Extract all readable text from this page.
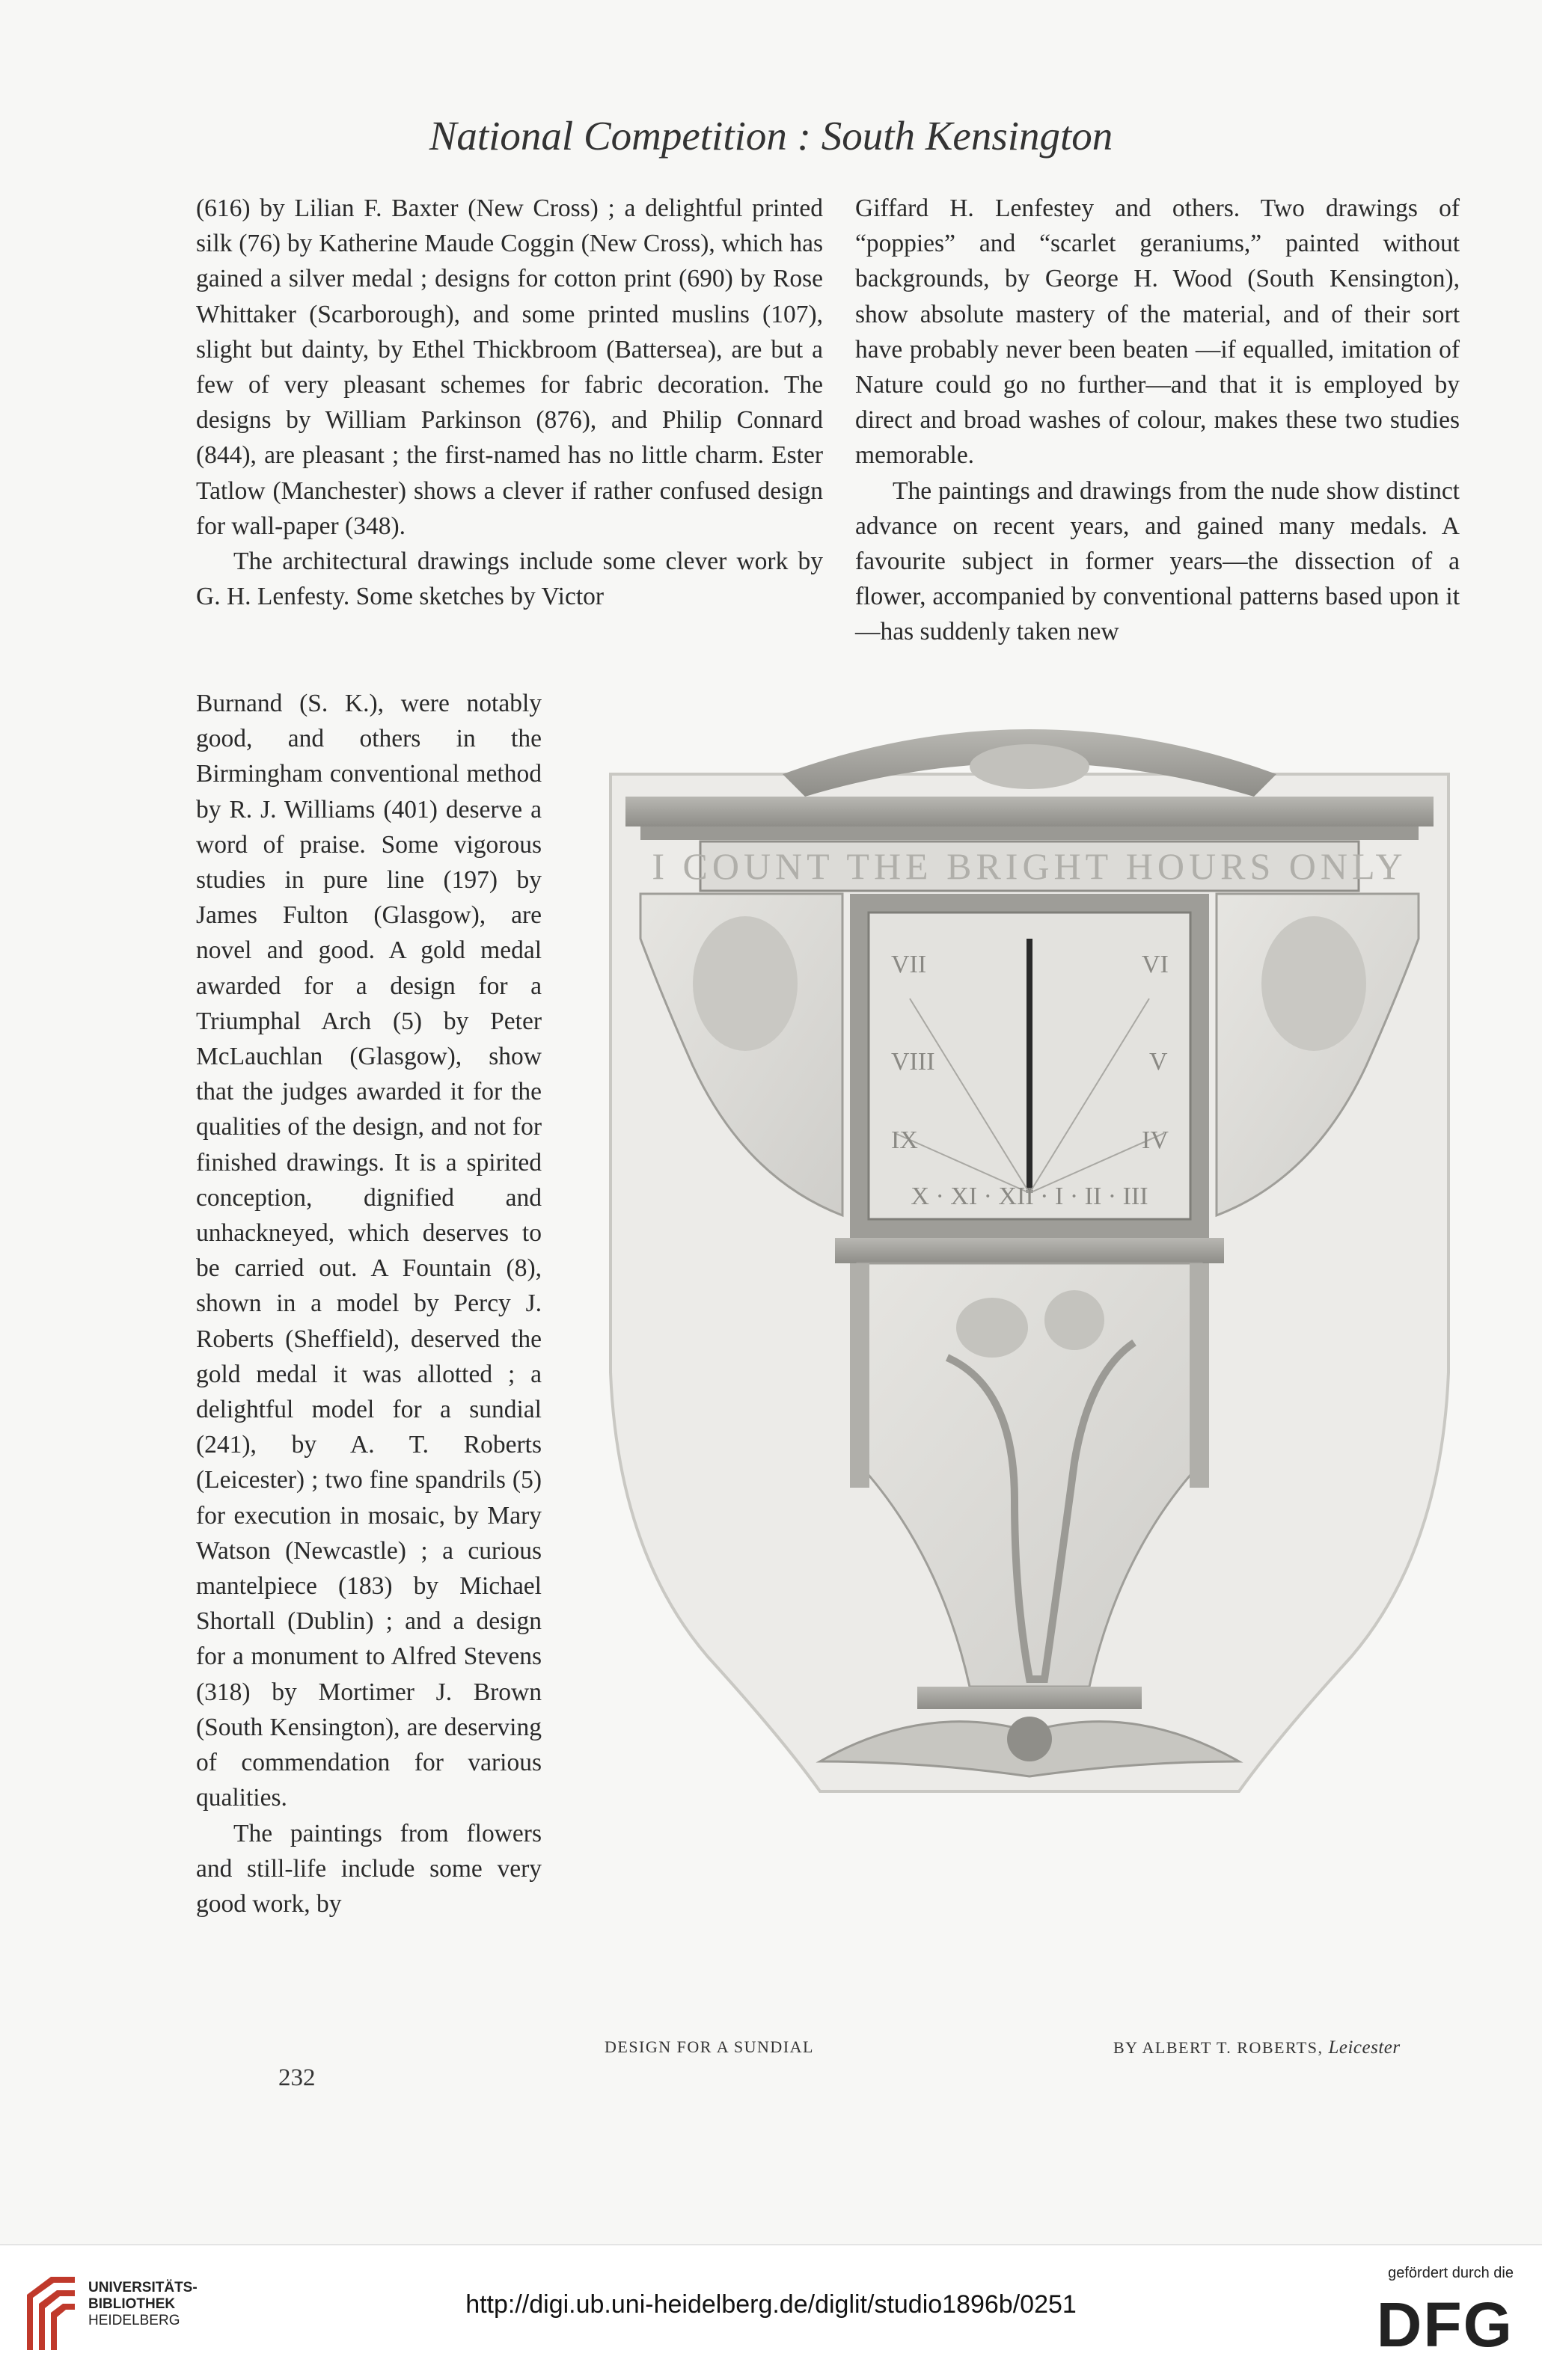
National Competition : South Kensington

(616) by Lilian F. Baxter (New Cross) ; a delightful printed silk (76) by Katherine Maude Coggin (New Cross), which has gained a silver medal ; designs for cotton print (690) by Rose Whittaker (Scarborough), and some printed muslins (107), slight but dainty, by Ethel Thickbroom (Battersea), are but a few of very pleasant schemes for fabric decoration. The designs by William Parkinson (876), and Philip Connard (844), are pleasant ; the first-named has no little charm. Ester Tatlow (Manchester) shows a clever if rather confused design for wall-paper (348).

The architectural drawings include some clever work by G. H. Lenfesty. Some sketches by Victor

Burnand (S. K.), were notably good, and others in the Birmingham conventional method by R. J. Williams (401) deserve a word of praise. Some vigorous studies in pure line (197) by James Fulton (Glasgow), are novel and good. A gold medal awarded for a design for a Triumphal Arch (5) by Peter McLauchlan (Glasgow), show that the judges awarded it for the qualities of the design, and not for finished drawings. It is a spirited conception, dignified and unhackneyed, which deserves to be carried out. A Fountain (8), shown in a model by Percy J. Roberts (Sheffield), deserved the gold medal it was allotted ; a delightful model for a sundial (241), by A. T. Roberts (Leicester) ; two fine spandrils (5) for execution in mosaic, by Mary Watson (Newcastle) ; a curious mantelpiece (183) by Michael Shortall (Dublin) ; and a design for a monument to Alfred Stevens (318) by Mortimer J. Brown (South Kensington), are deserving of commendation for various qualities.

The paintings from flowers and still-life include some very good work, by

Giffard H. Lenfestey and others. Two drawings of “poppies” and “scarlet geraniums,” painted without backgrounds, by George H. Wood (South Kensington), show absolute mastery of the material, and of their sort have probably never been beaten —if equalled, imitation of Nature could go no further—and that it is employed by direct and broad washes of colour, makes these two studies memorable.

The paintings and drawings from the nude show distinct advance on recent years, and gained many medals. A favourite subject in former years—the dissection of a flower, accompanied by conventional patterns based upon it—has suddenly taken new

I COUNT THE BRIGHT HOURS ONLY
VII
VIII
IX
VI
V
IV
X · XI · XII · I · II · III
DESIGN FOR A SUNDIAL	BY ALBERT T. ROBERTS, Leicester
232
UNIVERSITÄTS-
BIBLIOTHEK
HEIDELBERG
http://digi.ub.uni-heidelberg.de/diglit/studio1896b/0251
gefördert durch die
DFG
